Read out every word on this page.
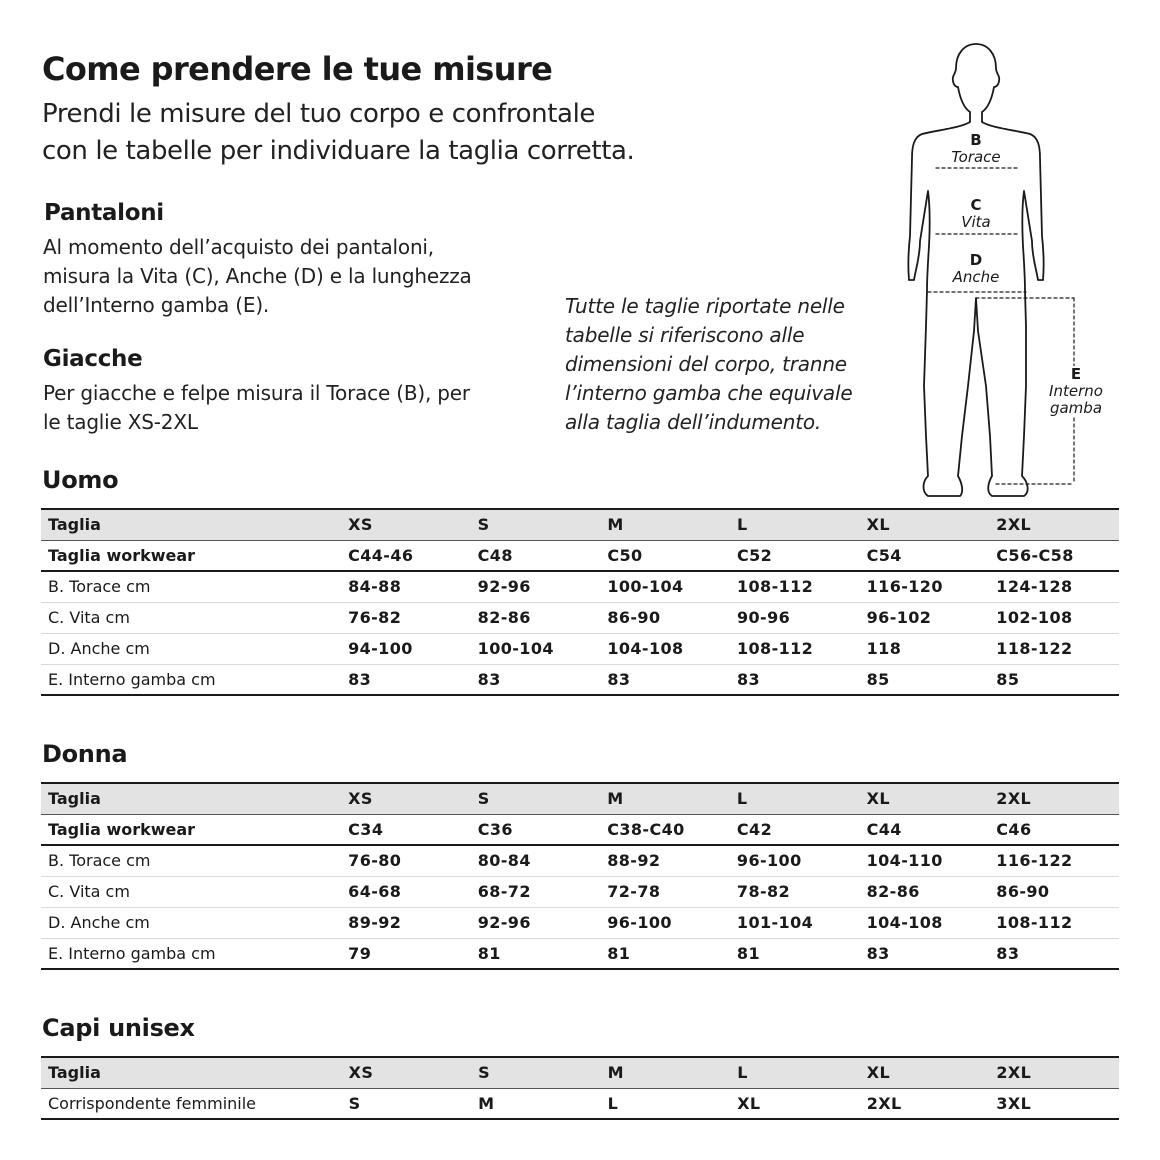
Come prendere le tue misure
Prendi le misure del tuo corpo e confrontale
con le tabelle per individuare la taglia corretta.
Pantaloni
Al momento dell’acquisto dei pantaloni,
misura la Vita (C), Anche (D) e la lunghezza
dell’Interno gamba (E).
Giacche
Per giacche e felpe misura il Torace (B), per
le taglie XS-2XL
Tutte le taglie riportate nelle
tabelle si riferiscono alle
dimensioni del corpo, tranne
l’interno gamba che equivale
alla taglia dell’indumento.
B
Torace
C
Vita
D
Anche
E
Interno
gamba
Uomo
Taglia	XS	S	M	L	XL	2XL
Taglia workwear	C44-46	C48	C50	C52	C54	C56-C58
B. Torace cm	84-88	92-96	100-104	108-112	116-120	124-128
C. Vita cm	76-82	82-86	86-90	90-96	96-102	102-108
D. Anche cm	94-100	100-104	104-108	108-112	118	118-122
E. Interno gamba cm	83	83	83	83	85	85
Donna
Taglia	XS	S	M	L	XL	2XL
Taglia workwear	C34	C36	C38-C40	C42	C44	C46
B. Torace cm	76-80	80-84	88-92	96-100	104-110	116-122
C. Vita cm	64-68	68-72	72-78	78-82	82-86	86-90
D. Anche cm	89-92	92-96	96-100	101-104	104-108	108-112
E. Interno gamba cm	79	81	81	81	83	83
Capi unisex
Taglia	XS	S	M	L	XL	2XL
Corrispondente femminile	S	M	L	XL	2XL	3XL
